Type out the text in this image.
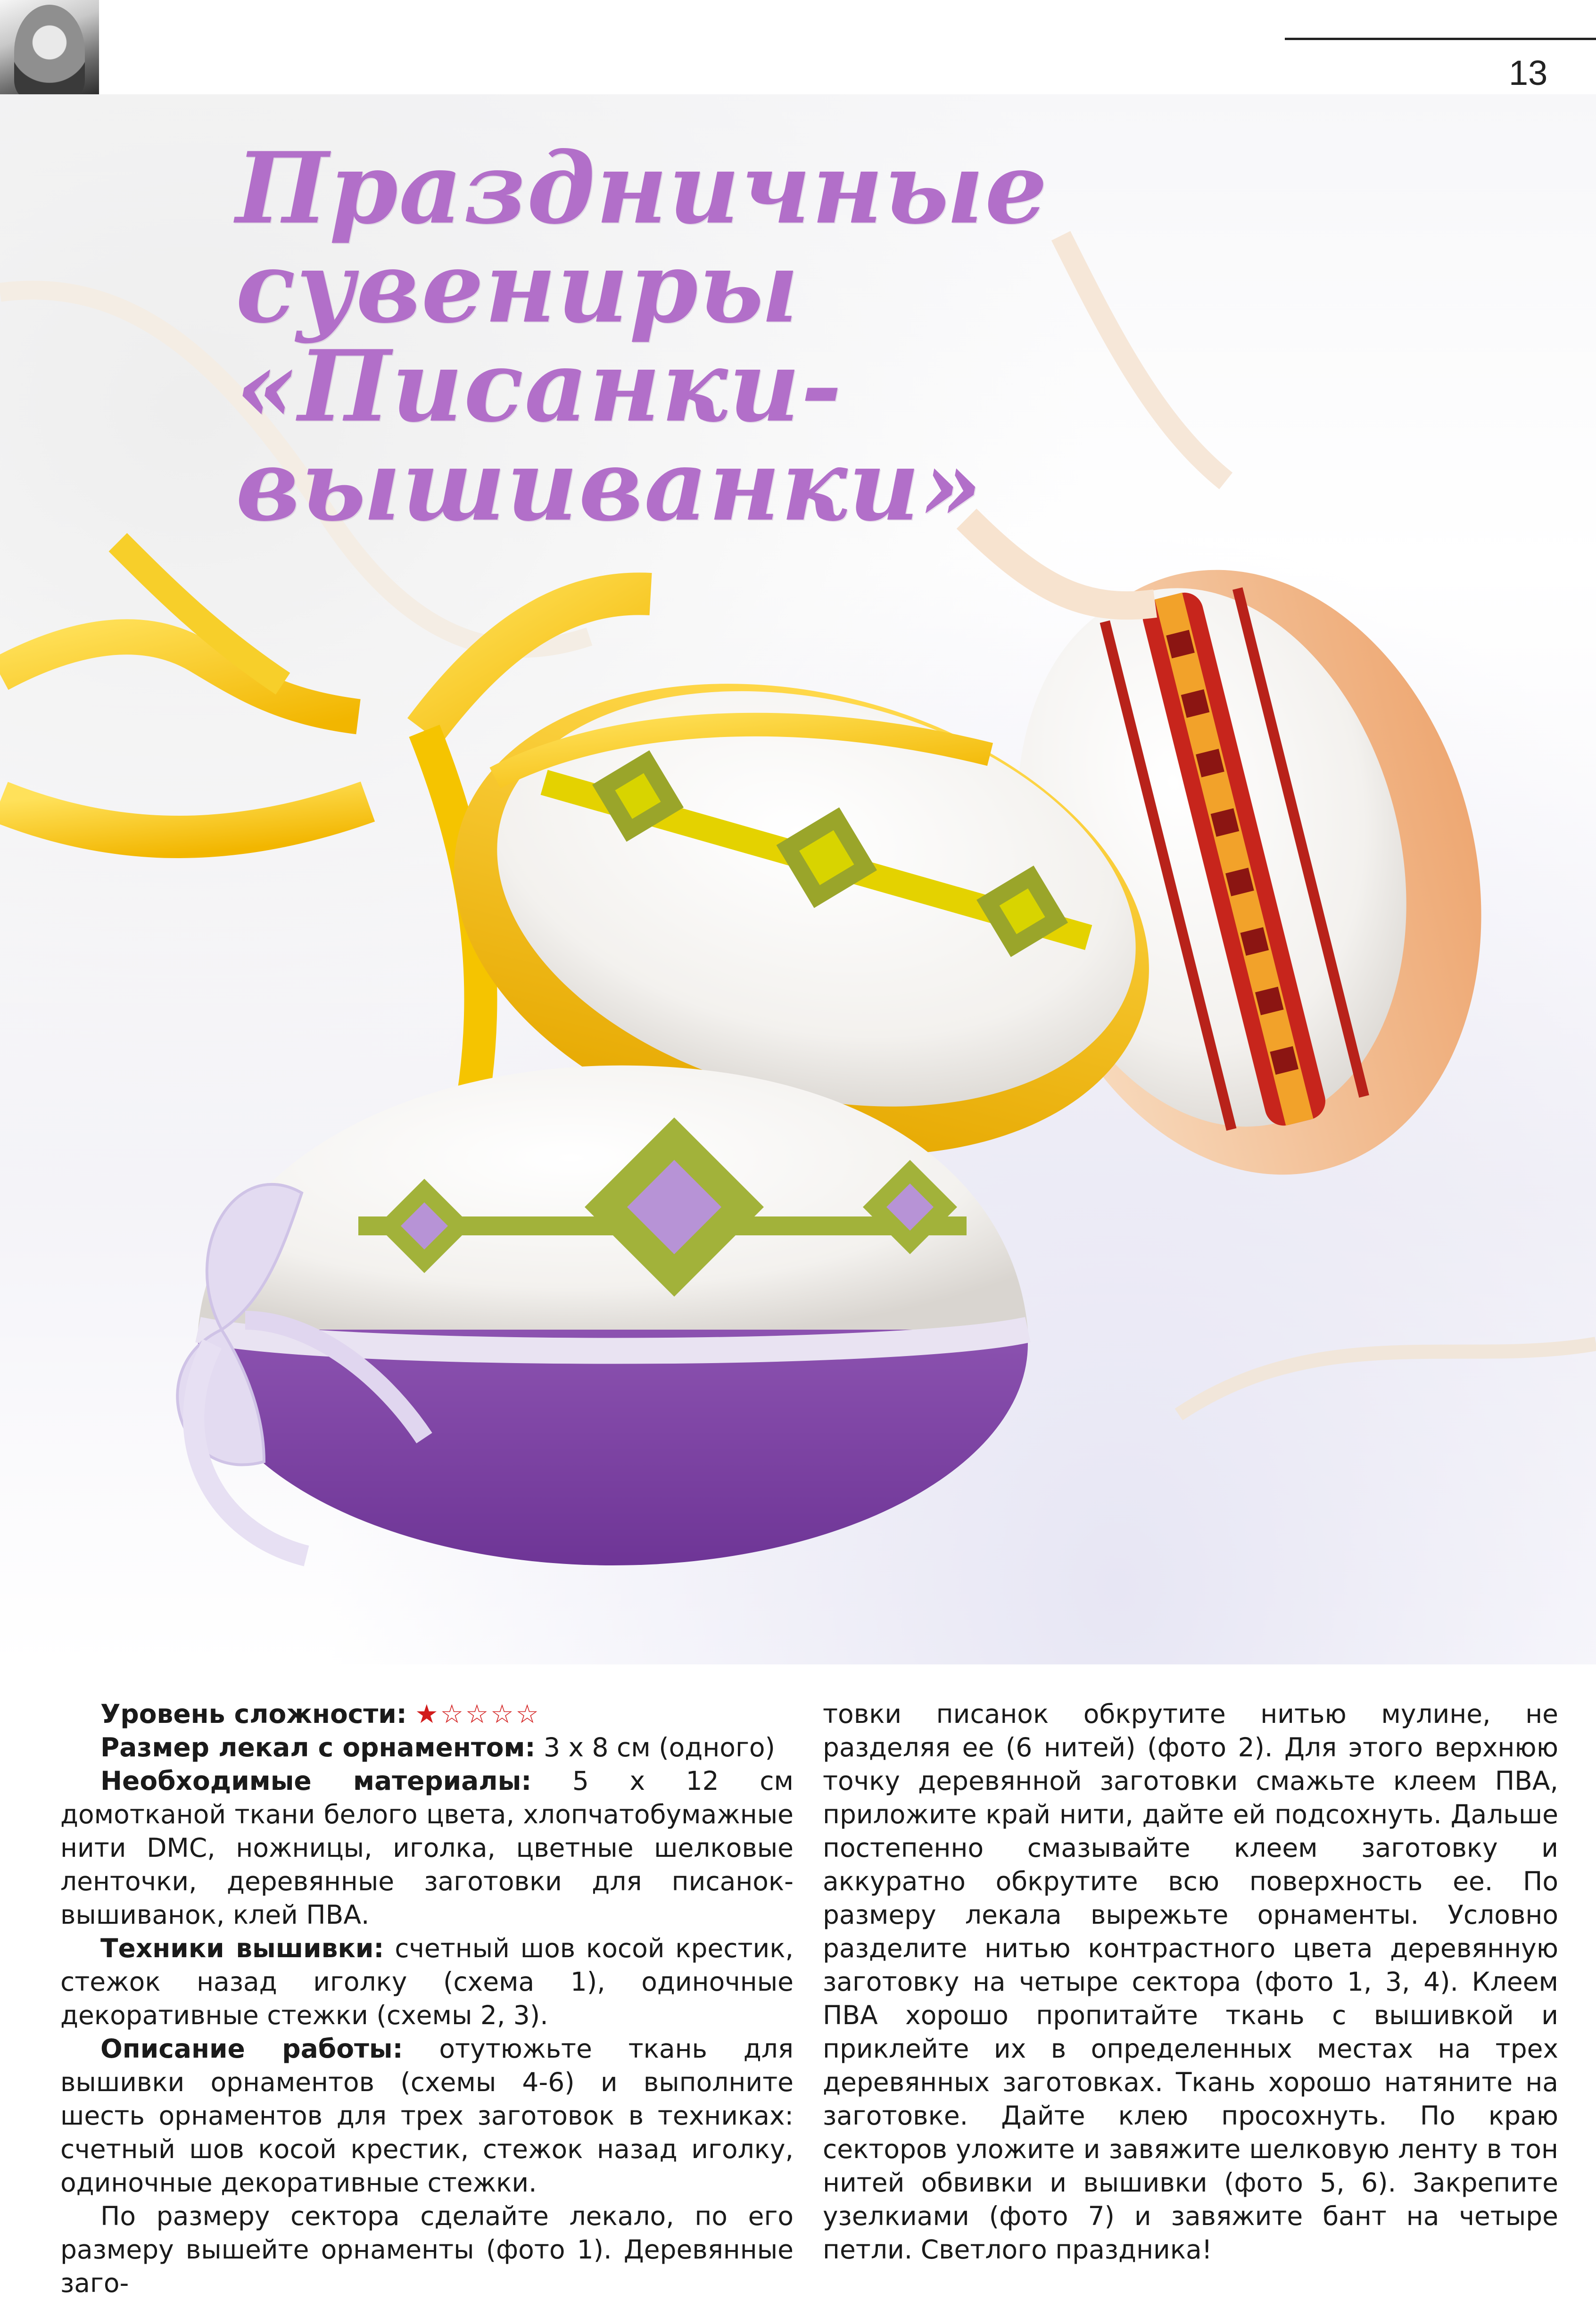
13
Праздничные
сувениры
«Писанки-
вышиванки»

Уровень сложности: ★☆☆☆☆

Размер лекал с орнаментом: 3 х 8 см (одного)

Необходимые материалы: 5 х 12 см домотканой ткани белого цвета, хлопчатобумажные нити DMC, ножницы, иголка, цветные шелковые ленточки, деревянные заготовки для писанок-вышиванок, клей ПВА.

Техники вышивки: счетный шов косой крестик, стежок назад иголку (схема 1), одиночные декоративные стежки (схемы 2, 3).

Описание работы: отутюжьте ткань для вышивки орнаментов (схемы 4-6) и выполните шесть орнаментов для трех заготовок в техниках: счетный шов косой крестик, стежок назад иголку, одиночные декоративные стежки.

По размеру сектора сделайте лекало, по его размеру вышейте орнаменты (фото 1). Деревянные заго-

товки писанок обкрутите нитью мулине, не разделяя ее (6 нитей) (фото 2). Для этого верхнюю точку деревянной заготовки смажьте клеем ПВА, приложите край нити, дайте ей подсохнуть. Дальше постепенно смазывайте клеем заготовку и аккуратно обкрутите всю поверхность ее. По размеру лекала вырежьте орнаменты. Условно разделите нитью контрастного цвета деревянную заготовку на четыре сектора (фото 1, 3, 4). Клеем ПВА хорошо пропитайте ткань с вышивкой и приклейте их в определенных местах на трех деревянных заготовках. Ткань хорошо натяните на заготовке. Дайте клею просохнуть. По краю секторов уложите и завяжите шелковую ленту в тон нитей обвивки и вышивки (фото 5, 6). Закрепите узелкиами (фото 7) и завяжите бант на четыре петли. Светлого праздника!
